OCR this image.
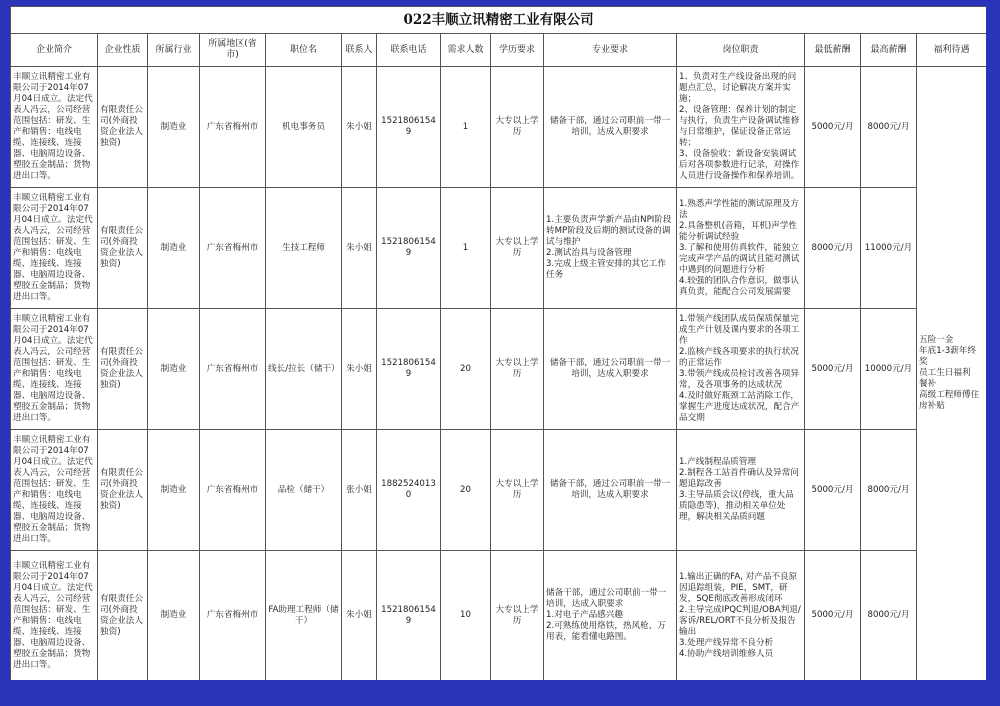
022丰顺立讯精密工业有限公司													
企业简介	企业性质	所属行业	所属地区(省市)	职位名	联系人	联系电话	需求人数	学历要求	专业要求	岗位职责	最低薪酬	最高薪酬	福利待遇
丰顺立讯精密工业有限公司于2014年07月04日成立。法定代表人冯云，公司经营范围包括：研发、生产和销售：电线电缆、连接线、连接器、电脑周边设备、塑胶五金制品；货物进出口等。	有限责任公司(外商投资企业法人独资)	制造业	广东省梅州市	机电事务员	朱小姐	15218061549	1	大专以上学历	储备干部，通过公司职前一带一培训，达成入职要求	1、负责对生产线设备出现的问题点汇总，讨论解决方案并实施；
2、设备管理：保养计划的制定与执行，负责生产设备调试维修与日常维护，保证设备正常运转；
3、设备验收：新设备安装调试后对各项参数进行记录，对操作人员进行设备操作和保养培训。	5000元/月	8000元/月	五险一金
年底1-3薪年终奖
员工生日福利
餐补
高级工程师傅住房补贴
丰顺立讯精密工业有限公司于2014年07月04日成立。法定代表人冯云，公司经营范围包括：研发、生产和销售：电线电缆、连接线、连接器、电脑周边设备、塑胶五金制品；货物进出口等。	有限责任公司(外商投资企业法人独资)	制造业	广东省梅州市	生技工程师	朱小姐	15218061549	1	大专以上学历	1.主要负责声学新产品由NPI阶段转MP阶段及后期的测试设备的调试与维护
2.测试治具与设备管理
3.完成上级主管安排的其它工作任务	1.熟悉声学性能的测试原理及方法
2.具备整机(音箱，耳机)声学性能分析调试经验
3.了解和使用仿真软件，能独立完成声学产品的调试且能对测试中遇到的问题进行分析
4.较强的团队合作意识，做事认真负责，能配合公司发展需要	8000元/月	11000元/月	
丰顺立讯精密工业有限公司于2014年07月04日成立。法定代表人冯云，公司经营范围包括：研发、生产和销售：电线电缆、连接线、连接器、电脑周边设备、塑胶五金制品；货物进出口等。	有限责任公司(外商投资企业法人独资)	制造业	广东省梅州市	线长/拉长（储干）	朱小姐	15218061549	20	大专以上学历	储备干部，通过公司职前一带一培训，达成入职要求	1.带领产线团队成员保质保量完成生产计划及课内要求的各项工作
2.监核产线各项要求的执行状况的正常运作
3.带领产线成员检讨改善各项异常，及各项事务的达成状况
4.及时做好瓶颈工站消除工作，掌握生产进度达成状况，配合产品交期	5000元/月	10000元/月	
丰顺立讯精密工业有限公司于2014年07月04日成立。法定代表人冯云，公司经营范围包括：研发、生产和销售：电线电缆、连接线、连接器、电脑周边设备、塑胶五金制品；货物进出口等。	有限责任公司(外商投资企业法人独资)	制造业	广东省梅州市	品检（储干）	张小姐	18825240130	20	大专以上学历	储备干部，通过公司职前一带一培训，达成入职要求	1.产线制程品质管理
2.制程各工站首件确认及异常问题追踪改善
3.主导品质会议(停线，重大品质隐患等)，推动相关单位处理，解决相关品质问题	5000元/月	8000元/月	
丰顺立讯精密工业有限公司于2014年07月04日成立。法定代表人冯云，公司经营范围包括：研发、生产和销售：电线电缆、连接线、连接器、电脑周边设备、塑胶五金制品；货物进出口等。	有限责任公司(外商投资企业法人独资)	制造业	广东省梅州市	FA助理工程师（储干）	朱小姐	15218061549	10	大专以上学历	储备干部，通过公司职前一带一培训，达成入职要求
1.对电子产品感兴趣
2.可熟练使用烙铁，热风枪，万用表，能看懂电路图。	1.输出正确的FA, 对产品不良原因追踪组装，PIE，SMT，研发，SQE彻底改善形成闭环
2.主导完成IPQC判退/OBA判退/客诉/REL/ORT不良分析及报告输出
3.处理产线异常不良分析
4.协助产线培训维修人员	5000元/月	8000元/月	
